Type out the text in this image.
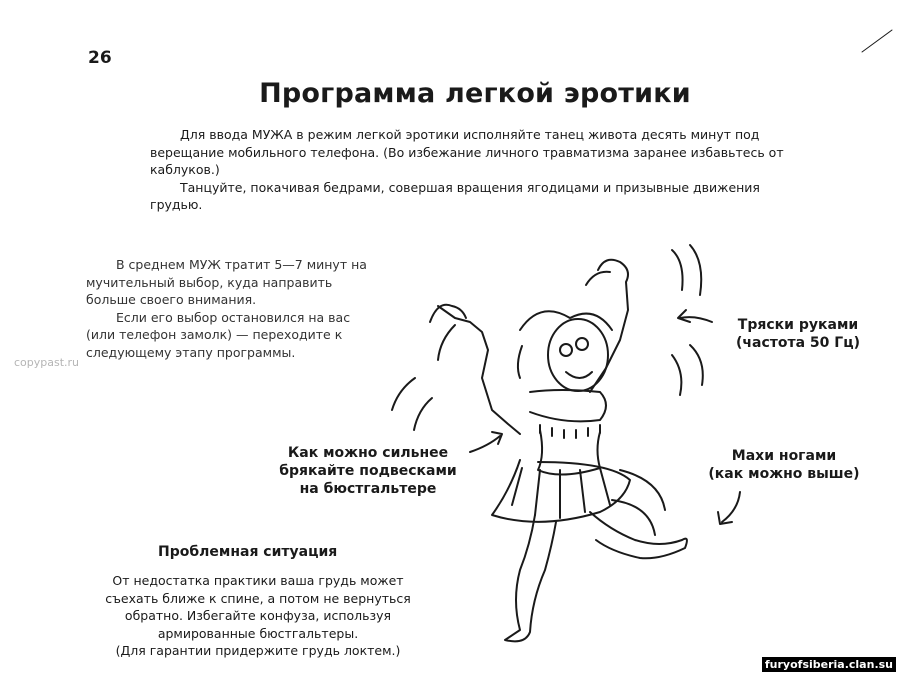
26
Программа легкой эротики

Для ввода МУЖА в режим легкой эротики исполняйте танец живота десять минут под верещание мобильного телефона. (Во избежание личного травматизма заранее избавьтесь от каблуков.)

Танцуйте, покачивая бедрами, совершая вращения ягодицами и призывные движения грудью.

В среднем МУЖ тратит 5—7 минут на мучительный выбор, куда направить больше своего внимания.

Если его выбор остановился на вас (или телефон замолк) — переходите к следующему этапу программы.

copypast.ru
Тряски руками
(частота 50 Гц)
Как можно сильнее
брякайте подвесками
на бюстгальтере
Махи ногами
(как можно выше)
Проблемная ситуация

От недостатка практики ваша грудь может съехать ближе к спине, а потом не вернуться обратно. Избегайте конфуза, используя армированные бюстгальтеры.

(Для гарантии придержите грудь локтем.)

furyofsiberia.clan.su
